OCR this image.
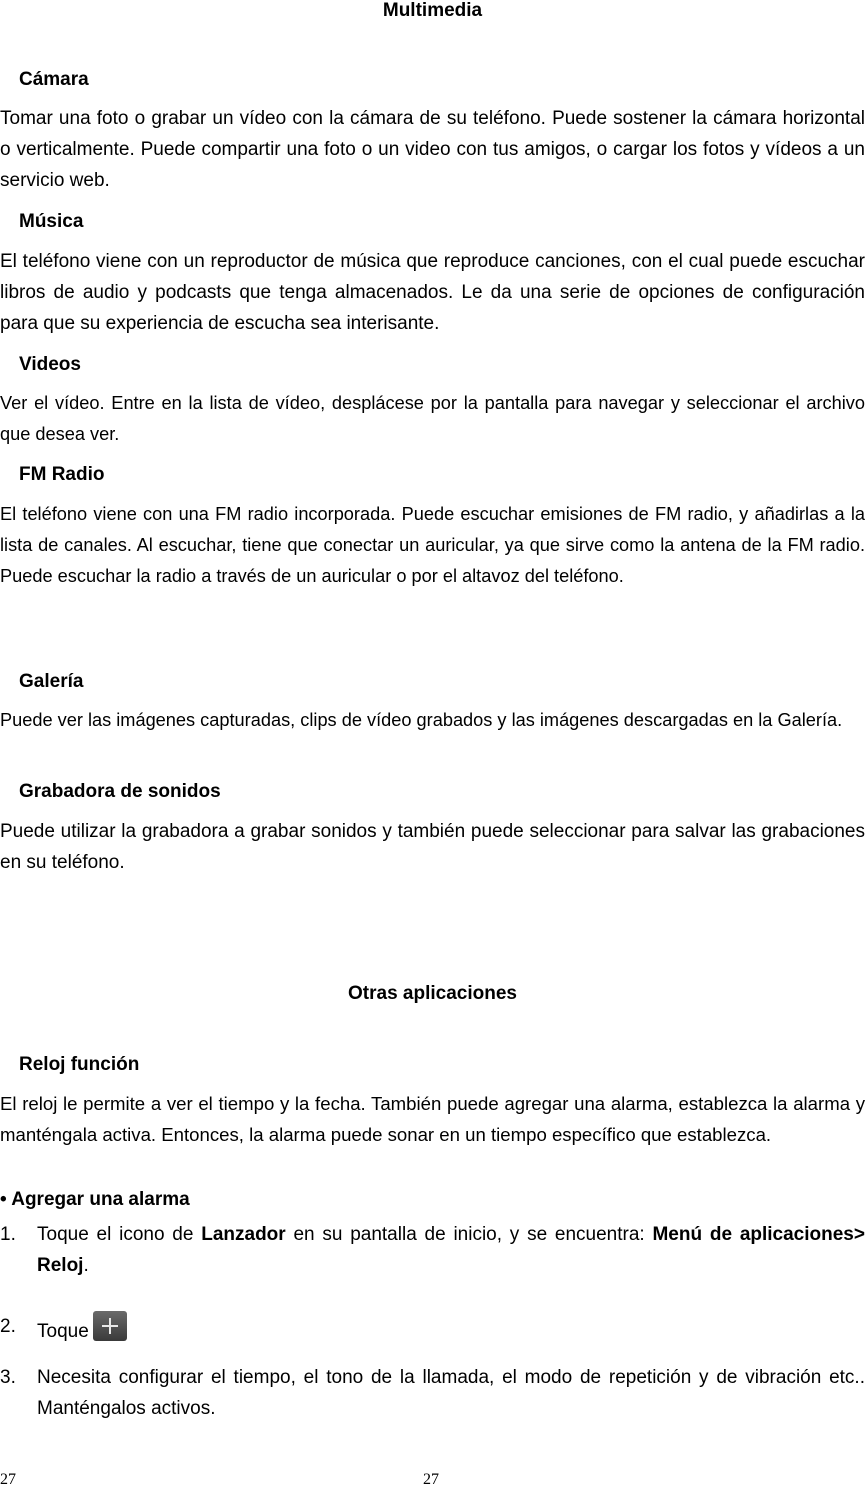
Multimedia
Cámara

Tomar una foto o grabar un vídeo con la cámara de su teléfono. Puede sostener la cámara horizontal o verticalmente. Puede compartir una foto o un video con tus amigos, o cargar los fotos y vídeos a un servicio web.

Música

El teléfono viene con un reproductor de música que reproduce canciones, con el cual puede escuchar libros de audio y podcasts que tenga almacenados. Le da una serie de opciones de configuración para que su experiencia de escucha sea interisante.

Videos

Ver el vídeo. Entre en la lista de vídeo, desplácese por la pantalla para navegar y seleccionar el archivo que desea ver.

FM Radio

El teléfono viene con una FM radio incorporada. Puede escuchar emisiones de FM radio, y añadirlas a la lista de canales. Al escuchar, tiene que conectar un auricular, ya que sirve como la antena de la FM radio. Puede escuchar la radio a través de un auricular o por el altavoz del teléfono.

Galería

Puede ver las imágenes capturadas, clips de vídeo grabados y las imágenes descargadas en la Galería.

Grabadora de sonidos

Puede utilizar la grabadora a grabar sonidos y también puede seleccionar para salvar las grabaciones en su teléfono.

Otras aplicaciones
Reloj función

El reloj le permite a ver el tiempo y la fecha. También puede agregar una alarma, establezca la alarma y manténgala activa. Entonces, la alarma puede sonar en un tiempo específico que establezca.

• Agregar una alarma
1. Toque el icono de Lanzador en su pantalla de inicio, y se encuentra: Menú de aplicaciones> Reloj.

2. Toque

3. Necesita configurar el tiempo, el tono de la llamada, el modo de repetición y de vibración etc.. Manténgalos activos.

27	27
